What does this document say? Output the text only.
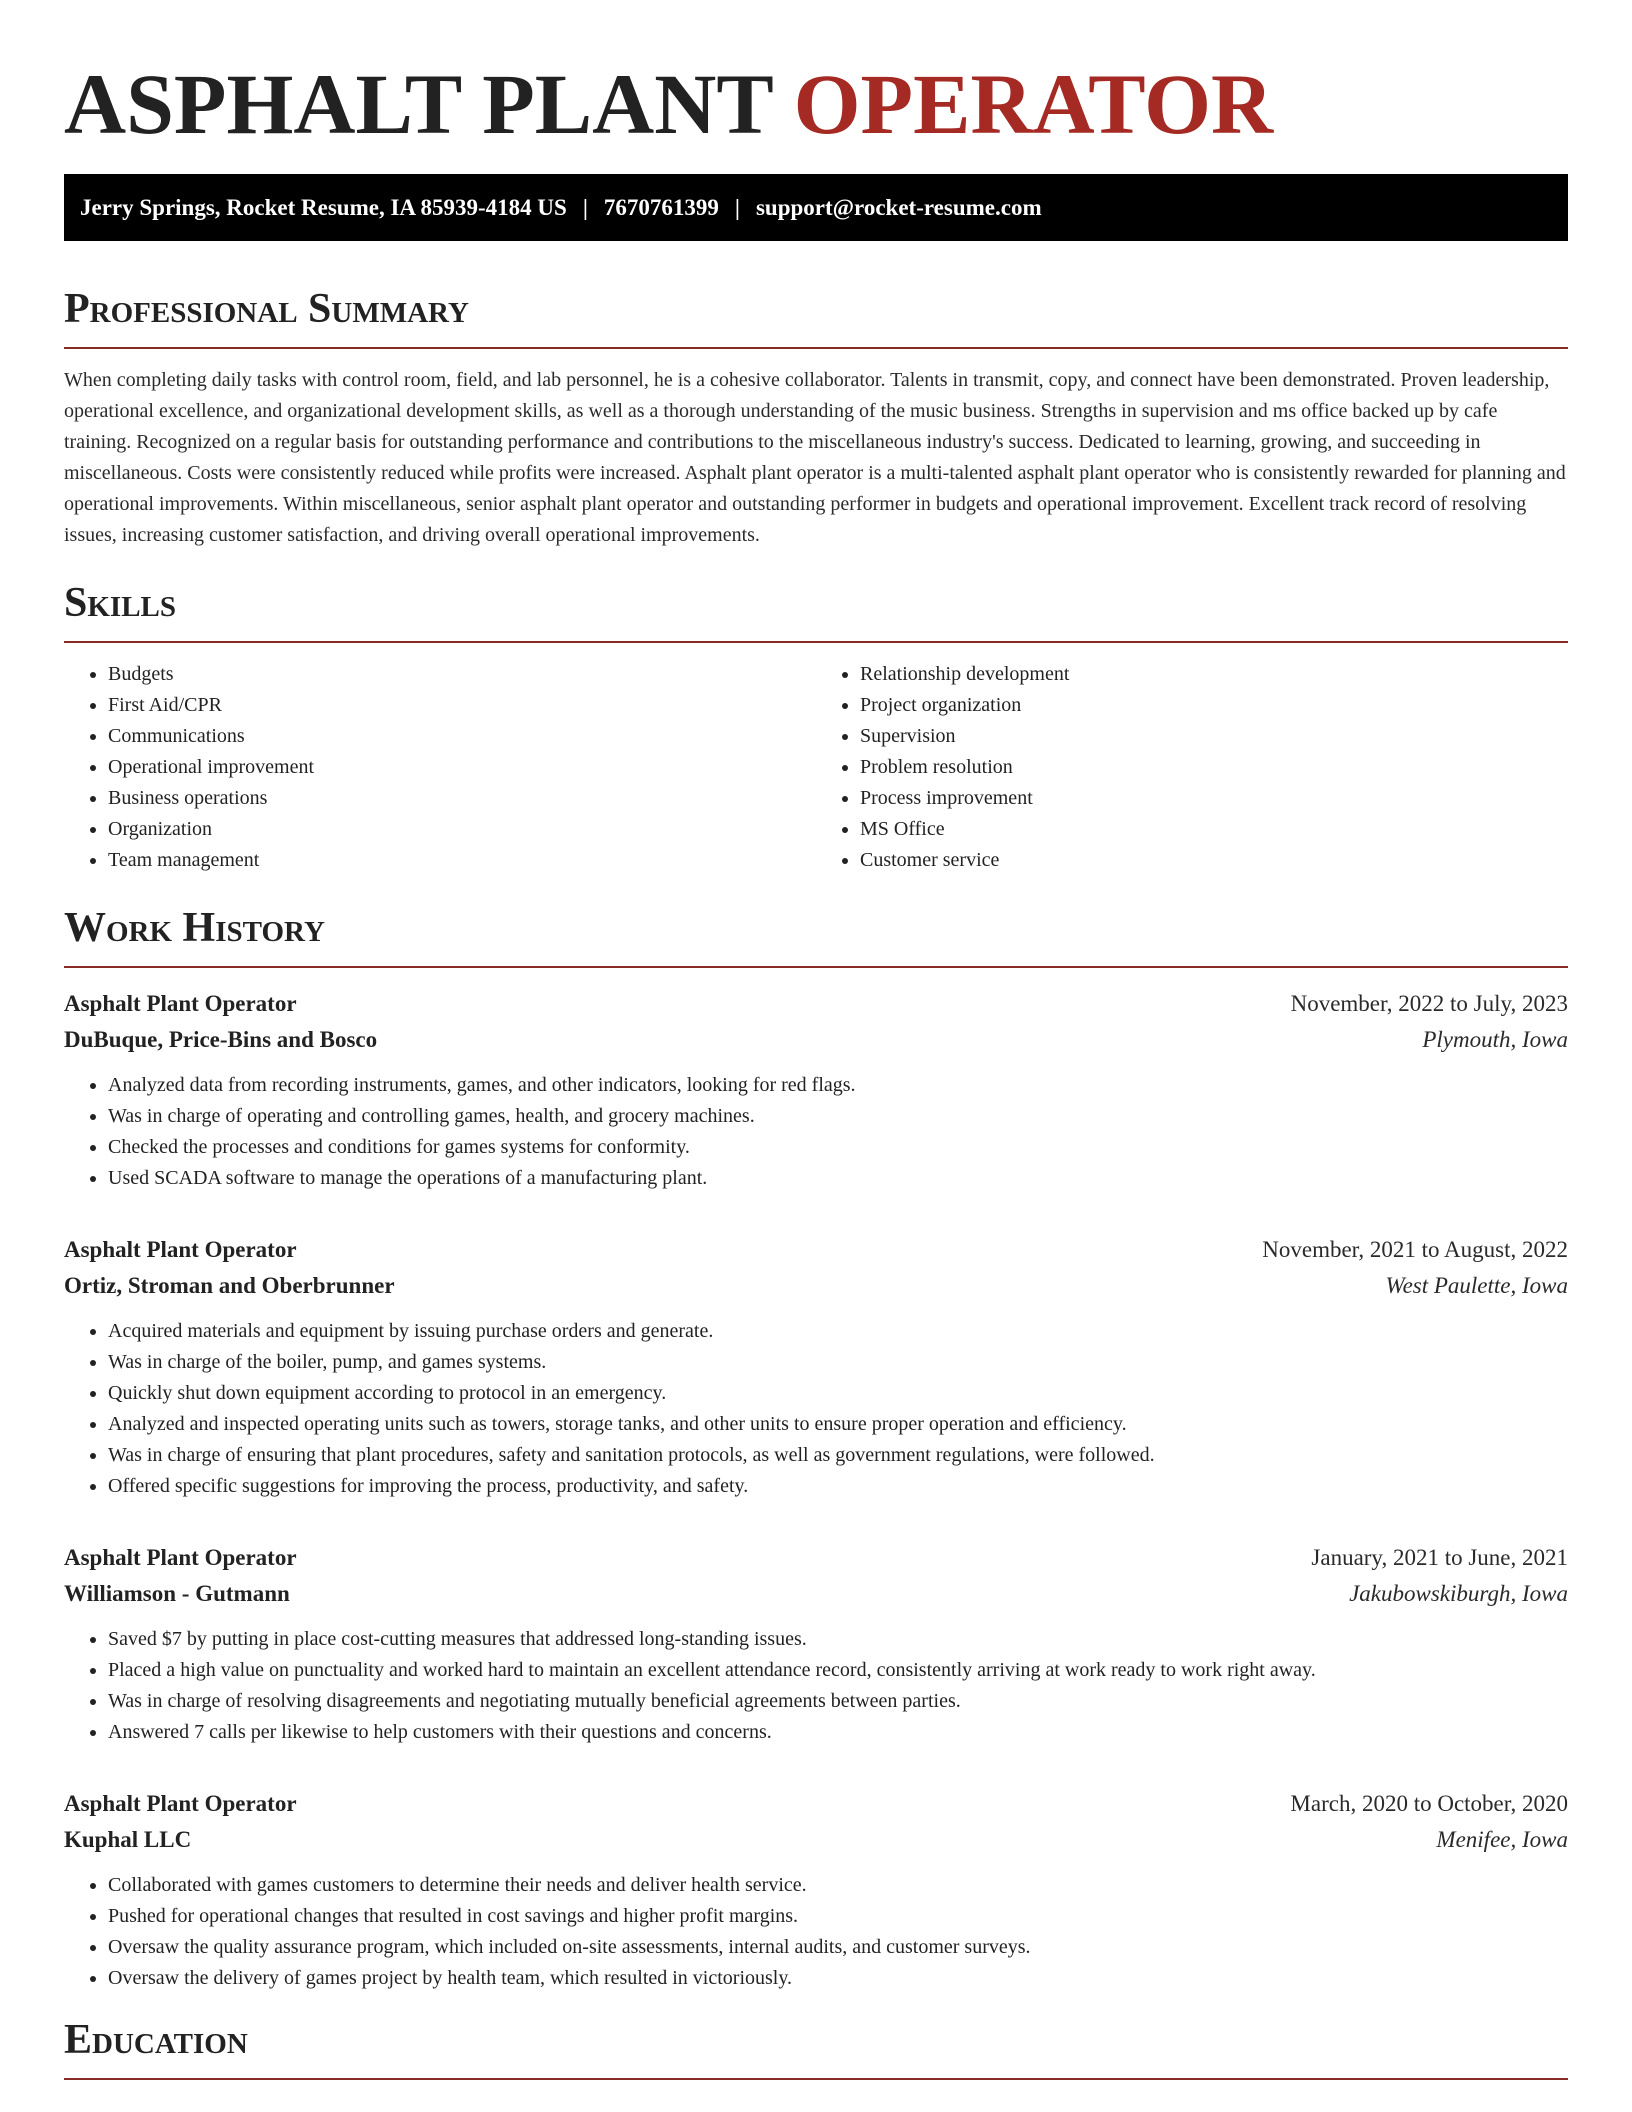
ASPHALT PLANT OPERATOR
Jerry Springs, Rocket Resume, IA 85939-4184 US | 7670761399 | support@rocket-resume.com
Professional Summary

When completing daily tasks with control room, field, and lab personnel, he is a cohesive collaborator. Talents in transmit, copy, and connect have been demonstrated. Proven leadership, operational excellence, and organizational development skills, as well as a thorough understanding of the music business. Strengths in supervision and ms office backed up by cafe training. Recognized on a regular basis for outstanding performance and contributions to the miscellaneous industry's success. Dedicated to learning, growing, and succeeding in miscellaneous. Costs were consistently reduced while profits were increased. Asphalt plant operator is a multi-talented asphalt plant operator who is consistently rewarded for planning and operational improvements. Within miscellaneous, senior asphalt plant operator and outstanding performer in budgets and operational improvement. Excellent track record of resolving issues, increasing customer satisfaction, and driving overall operational improvements.

Skills
• Budgets
• First Aid/CPR
• Communications
• Operational improvement
• Business operations
• Organization
• Team management
• Relationship development
• Project organization
• Supervision
• Problem resolution
• Process improvement
• MS Office
• Customer service
Work History
Asphalt Plant Operator	November, 2022 to July, 2023
DuBuque, Price-Bins and Bosco	Plymouth, Iowa
• Analyzed data from recording instruments, games, and other indicators, looking for red flags.
• Was in charge of operating and controlling games, health, and grocery machines.
• Checked the processes and conditions for games systems for conformity.
• Used SCADA software to manage the operations of a manufacturing plant.
Asphalt Plant Operator	November, 2021 to August, 2022
Ortiz, Stroman and Oberbrunner	West Paulette, Iowa
• Acquired materials and equipment by issuing purchase orders and generate.
• Was in charge of the boiler, pump, and games systems.
• Quickly shut down equipment according to protocol in an emergency.
• Analyzed and inspected operating units such as towers, storage tanks, and other units to ensure proper operation and efficiency.
• Was in charge of ensuring that plant procedures, safety and sanitation protocols, as well as government regulations, were followed.
• Offered specific suggestions for improving the process, productivity, and safety.
Asphalt Plant Operator	January, 2021 to June, 2021
Williamson - Gutmann	Jakubowskiburgh, Iowa
• Saved $7 by putting in place cost-cutting measures that addressed long-standing issues.
• Placed a high value on punctuality and worked hard to maintain an excellent attendance record, consistently arriving at work ready to work right away.
• Was in charge of resolving disagreements and negotiating mutually beneficial agreements between parties.
• Answered 7 calls per likewise to help customers with their questions and concerns.
Asphalt Plant Operator	March, 2020 to October, 2020
Kuphal LLC	Menifee, Iowa
• Collaborated with games customers to determine their needs and deliver health service.
• Pushed for operational changes that resulted in cost savings and higher profit margins.
• Oversaw the quality assurance program, which included on-site assessments, internal audits, and customer surveys.
• Oversaw the delivery of games project by health team, which resulted in victoriously.
Education
